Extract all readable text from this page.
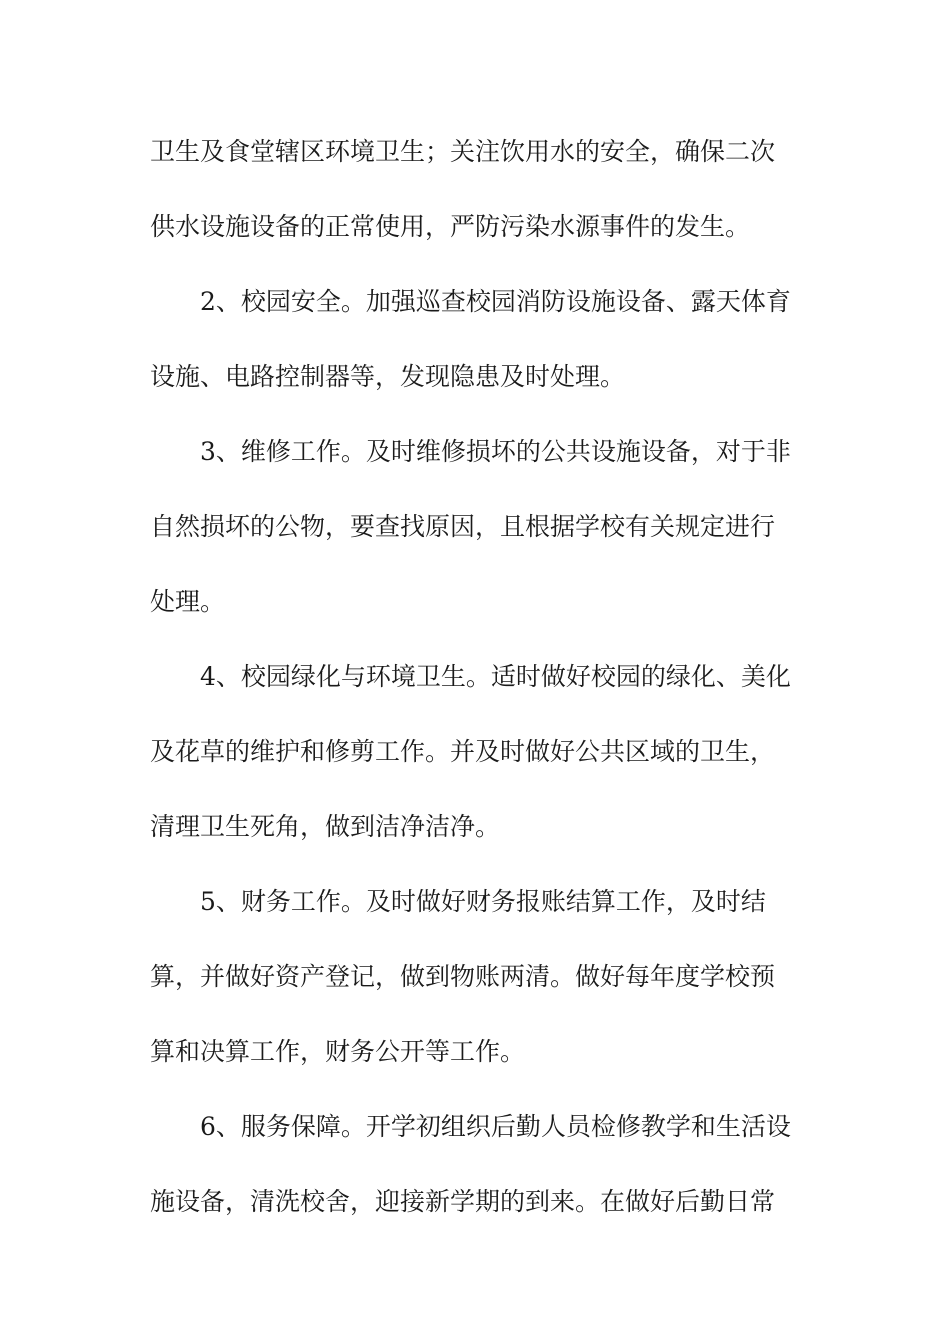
卫生及食堂辖区环境卫生；关注饮用水的安全，确保二次
供水设施设备的正常使用，严防污染水源事件的发生。
2、校园安全。加强巡查校园消防设施设备、露天体育
设施、电路控制器等，发现隐患及时处理。
3、维修工作。及时维修损坏的公共设施设备，对于非
自然损坏的公物，要查找原因，且根据学校有关规定进行
处理。
4、校园绿化与环境卫生。适时做好校园的绿化、美化
及花草的维护和修剪工作。并及时做好公共区域的卫生，
清理卫生死角，做到洁净洁净。
5、财务工作。及时做好财务报账结算工作，及时结
算，并做好资产登记，做到物账两清。做好每年度学校预
算和决算工作，财务公开等工作。
6、服务保障。开学初组织后勤人员检修教学和生活设
施设备，清洗校舍，迎接新学期的到来。在做好后勤日常
